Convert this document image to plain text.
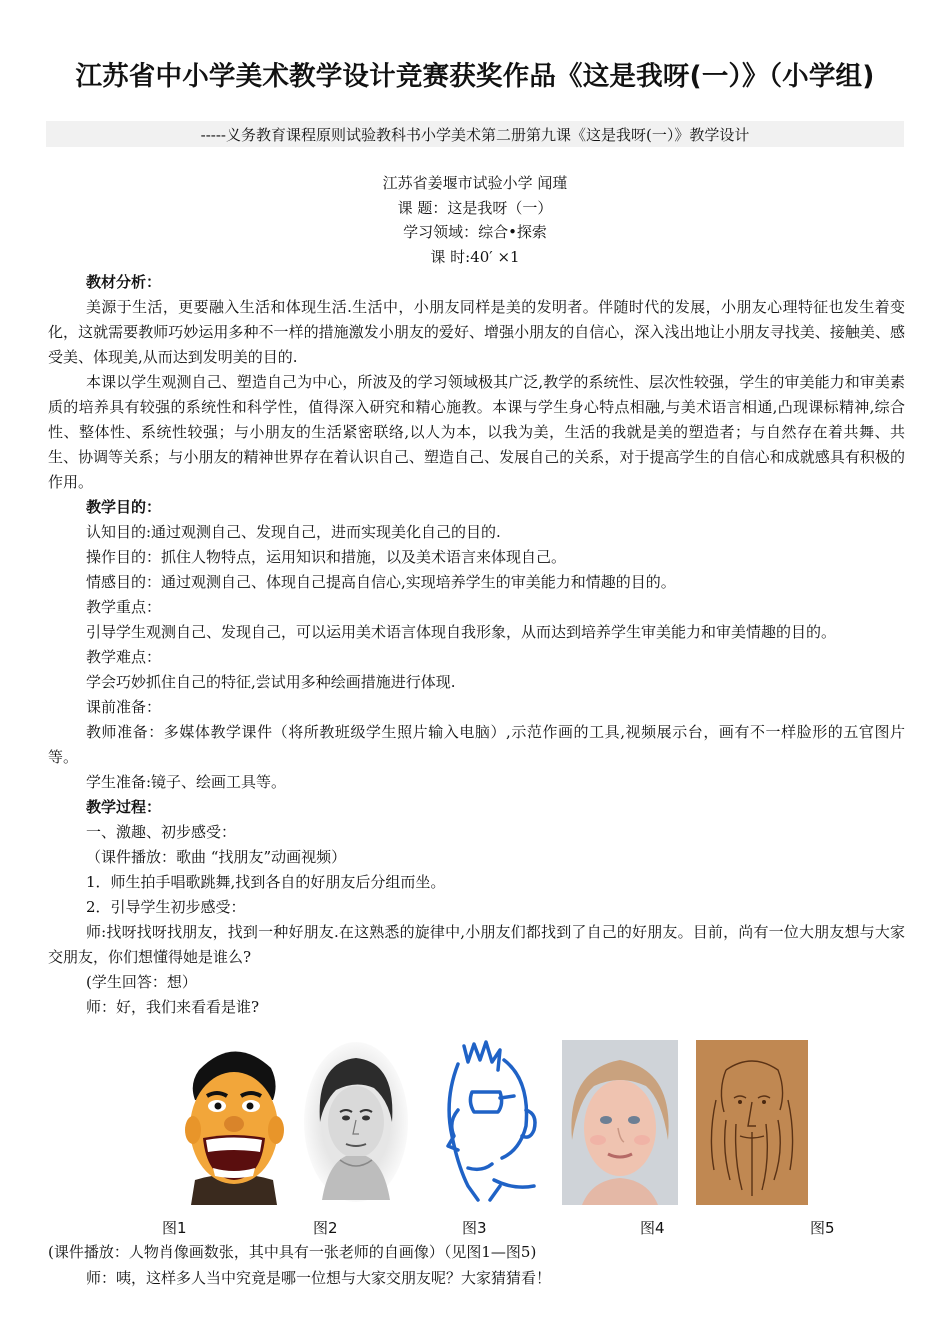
江苏省中小学美术教学设计竞赛获奖作品《这是我呀(一）》（小学组)
-----义务教育课程原则试验教科书小学美术第二册第九课《这是我呀(一）》教学设计
江苏省姜堰市试验小学 闻瑾
课 题：这是我呀（一）
学习领域：综合•探索
课 时:40′ ×1

教材分析：

美源于生活，更要融入生活和体现生活.生活中，小朋友同样是美的发明者。伴随时代的发展，小朋友心理特征也发生着变化，这就需要教师巧妙运用多种不一样的措施激发小朋友的爱好、增强小朋友的自信心，深入浅出地让小朋友寻找美、接触美、感受美、体现美,从而达到发明美的目的.

本课以学生观测自己、塑造自己为中心，所波及的学习领域极其广泛,教学的系统性、层次性较强，学生的审美能力和审美素质的培养具有较强的系统性和科学性，值得深入研究和精心施教。本课与学生身心特点相融,与美术语言相通,凸现课标精神,综合性、整体性、系统性较强；与小朋友的生活紧密联络,以人为本，以我为美，生活的我就是美的塑造者；与自然存在着共舞、共生、协调等关系；与小朋友的精神世界存在着认识自己、塑造自己、发展自己的关系，对于提高学生的自信心和成就感具有积极的作用。

教学目的：

认知目的:通过观测自己、发现自己，进而实现美化自己的目的.

操作目的：抓住人物特点，运用知识和措施，以及美术语言来体现自己。

情感目的：通过观测自己、体现自己提高自信心,实现培养学生的审美能力和情趣的目的。

教学重点：

引导学生观测自己、发现自己，可以运用美术语言体现自我形象，从而达到培养学生审美能力和审美情趣的目的。

教学难点：

学会巧妙抓住自己的特征,尝试用多种绘画措施进行体现.

课前准备：

教师准备：多媒体教学课件（将所教班级学生照片输入电脑）,示范作画的工具,视频展示台，画有不一样脸形的五官图片等。

学生准备:镜子、绘画工具等。

教学过程：

一、激趣、初步感受：

（课件播放：歌曲 “找朋友”动画视频）

1．师生拍手唱歌跳舞,找到各自的好朋友后分组而坐。

2．引导学生初步感受：

师:找呀找呀找朋友，找到一种好朋友.在这熟悉的旋律中,小朋友们都找到了自己的好朋友。目前，尚有一位大朋友想与大家交朋友，你们想懂得她是谁么?

(学生回答：想）

师：好，我们来看看是谁?

图1	图2	图3	图4	图5
(课件播放：人物肖像画数张，其中具有一张老师的自画像）（见图1—图5)
师：咦，这样多人当中究竟是哪一位想与大家交朋友呢？大家猜猜看！
